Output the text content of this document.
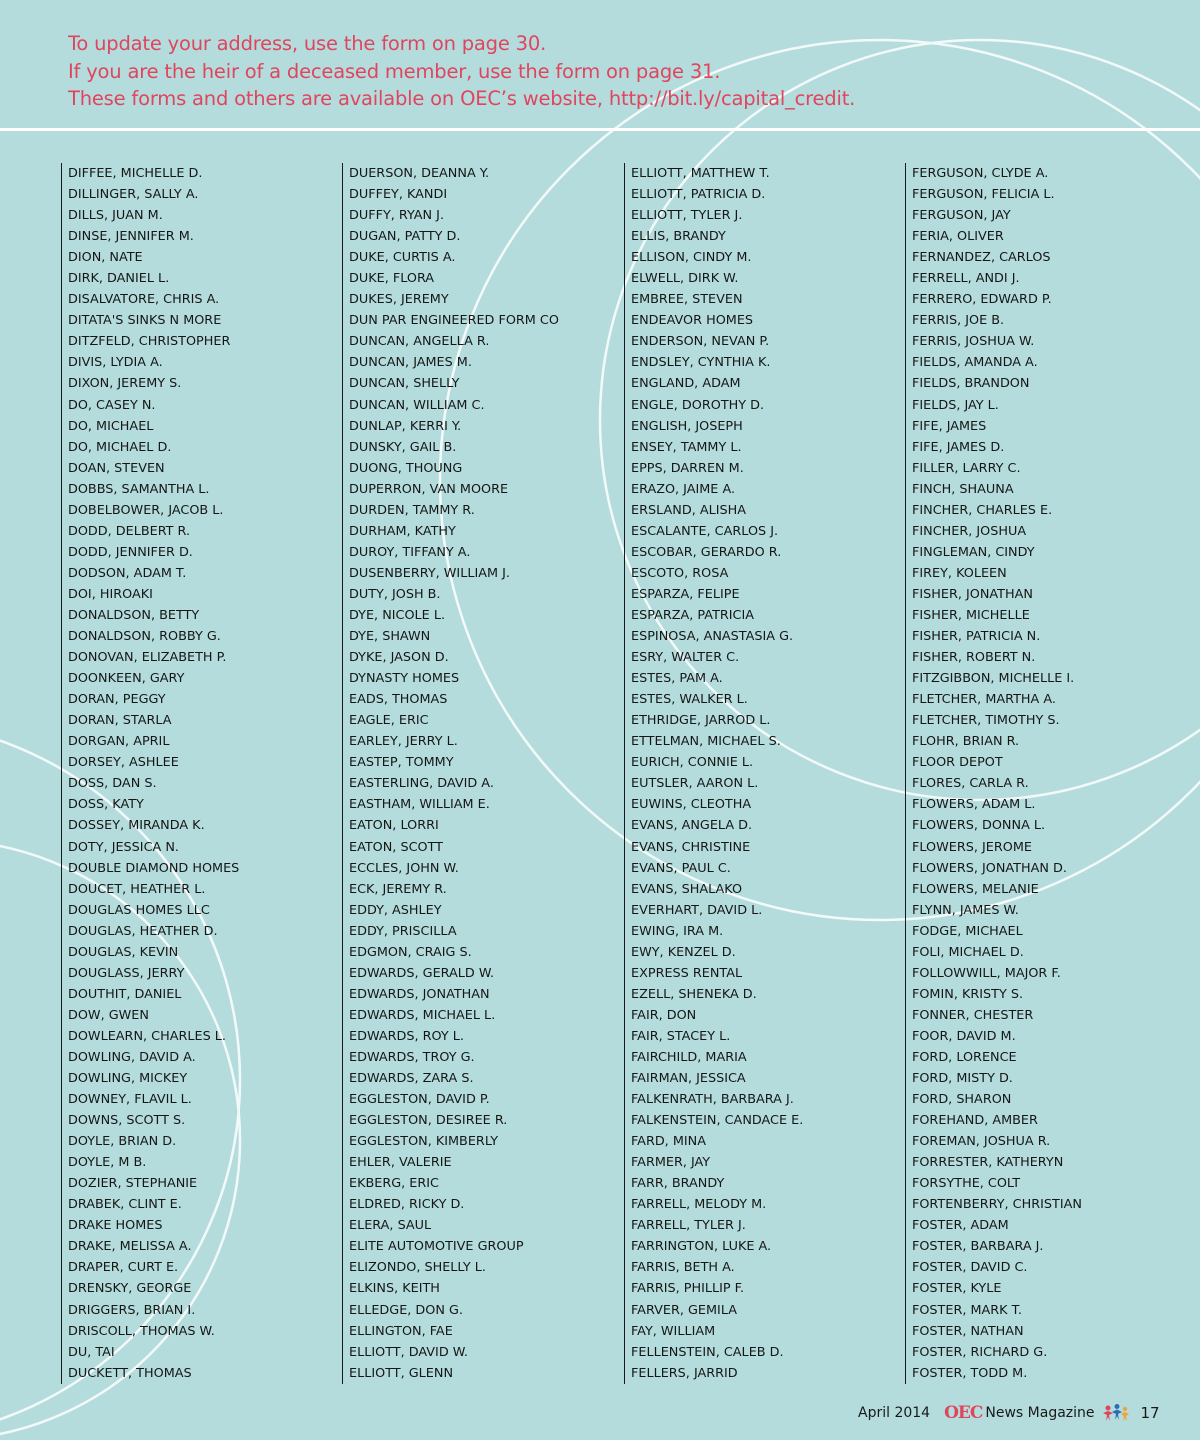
To update your address, use the form on page 30.
If you are the heir of a deceased member, use the form on page 31.
These forms and others are available on OEC’s website, http://bit.ly/capital_credit.
DIFFEE, MICHELLE D.
DILLINGER, SALLY A.
DILLS, JUAN M.
DINSE, JENNIFER M.
DION, NATE
DIRK, DANIEL L.
DISALVATORE, CHRIS A.
DITATA'S SINKS N MORE
DITZFELD, CHRISTOPHER
DIVIS, LYDIA A.
DIXON, JEREMY S.
DO, CASEY N.
DO, MICHAEL
DO, MICHAEL D.
DOAN, STEVEN
DOBBS, SAMANTHA L.
DOBELBOWER, JACOB L.
DODD, DELBERT R.
DODD, JENNIFER D.
DODSON, ADAM T.
DOI, HIROAKI
DONALDSON, BETTY
DONALDSON, ROBBY G.
DONOVAN, ELIZABETH P.
DOONKEEN, GARY
DORAN, PEGGY
DORAN, STARLA
DORGAN, APRIL
DORSEY, ASHLEE
DOSS, DAN S.
DOSS, KATY
DOSSEY, MIRANDA K.
DOTY, JESSICA N.
DOUBLE DIAMOND HOMES
DOUCET, HEATHER L.
DOUGLAS HOMES LLC
DOUGLAS, HEATHER D.
DOUGLAS, KEVIN
DOUGLASS, JERRY
DOUTHIT, DANIEL
DOW, GWEN
DOWLEARN, CHARLES L.
DOWLING, DAVID A.
DOWLING, MICKEY
DOWNEY, FLAVIL L.
DOWNS, SCOTT S.
DOYLE, BRIAN D.
DOYLE, M B.
DOZIER, STEPHANIE
DRABEK, CLINT E.
DRAKE HOMES
DRAKE, MELISSA A.
DRAPER, CURT E.
DRENSKY, GEORGE
DRIGGERS, BRIAN I.
DRISCOLL, THOMAS W.
DU, TAI
DUCKETT, THOMAS
DUERSON, DEANNA Y.
DUFFEY, KANDI
DUFFY, RYAN J.
DUGAN, PATTY D.
DUKE, CURTIS A.
DUKE, FLORA
DUKES, JEREMY
DUN PAR ENGINEERED FORM CO
DUNCAN, ANGELLA R.
DUNCAN, JAMES M.
DUNCAN, SHELLY
DUNCAN, WILLIAM C.
DUNLAP, KERRI Y.
DUNSKY, GAIL B.
DUONG, THOUNG
DUPERRON, VAN MOORE
DURDEN, TAMMY R.
DURHAM, KATHY
DUROY, TIFFANY A.
DUSENBERRY, WILLIAM J.
DUTY, JOSH B.
DYE, NICOLE L.
DYE, SHAWN
DYKE, JASON D.
DYNASTY HOMES
EADS, THOMAS
EAGLE, ERIC
EARLEY, JERRY L.
EASTEP, TOMMY
EASTERLING, DAVID A.
EASTHAM, WILLIAM E.
EATON, LORRI
EATON, SCOTT
ECCLES, JOHN W.
ECK, JEREMY R.
EDDY, ASHLEY
EDDY, PRISCILLA
EDGMON, CRAIG S.
EDWARDS, GERALD W.
EDWARDS, JONATHAN
EDWARDS, MICHAEL L.
EDWARDS, ROY L.
EDWARDS, TROY G.
EDWARDS, ZARA S.
EGGLESTON, DAVID P.
EGGLESTON, DESIREE R.
EGGLESTON, KIMBERLY
EHLER, VALERIE
EKBERG, ERIC
ELDRED, RICKY D.
ELERA, SAUL
ELITE AUTOMOTIVE GROUP
ELIZONDO, SHELLY L.
ELKINS, KEITH
ELLEDGE, DON G.
ELLINGTON, FAE
ELLIOTT, DAVID W.
ELLIOTT, GLENN
ELLIOTT, MATTHEW T.
ELLIOTT, PATRICIA D.
ELLIOTT, TYLER J.
ELLIS, BRANDY
ELLISON, CINDY M.
ELWELL, DIRK W.
EMBREE, STEVEN
ENDEAVOR HOMES
ENDERSON, NEVAN P.
ENDSLEY, CYNTHIA K.
ENGLAND, ADAM
ENGLE, DOROTHY D.
ENGLISH, JOSEPH
ENSEY, TAMMY L.
EPPS, DARREN M.
ERAZO, JAIME A.
ERSLAND, ALISHA
ESCALANTE, CARLOS J.
ESCOBAR, GERARDO R.
ESCOTO, ROSA
ESPARZA, FELIPE
ESPARZA, PATRICIA
ESPINOSA, ANASTASIA G.
ESRY, WALTER C.
ESTES, PAM A.
ESTES, WALKER L.
ETHRIDGE, JARROD L.
ETTELMAN, MICHAEL S.
EURICH, CONNIE L.
EUTSLER, AARON L.
EUWINS, CLEOTHA
EVANS, ANGELA D.
EVANS, CHRISTINE
EVANS, PAUL C.
EVANS, SHALAKO
EVERHART, DAVID L.
EWING, IRA M.
EWY, KENZEL D.
EXPRESS RENTAL
EZELL, SHENEKA D.
FAIR, DON
FAIR, STACEY L.
FAIRCHILD, MARIA
FAIRMAN, JESSICA
FALKENRATH, BARBARA J.
FALKENSTEIN, CANDACE E.
FARD, MINA
FARMER, JAY
FARR, BRANDY
FARRELL, MELODY M.
FARRELL, TYLER J.
FARRINGTON, LUKE A.
FARRIS, BETH A.
FARRIS, PHILLIP F.
FARVER, GEMILA
FAY, WILLIAM
FELLENSTEIN, CALEB D.
FELLERS, JARRID
FERGUSON, CLYDE A.
FERGUSON, FELICIA L.
FERGUSON, JAY
FERIA, OLIVER
FERNANDEZ, CARLOS
FERRELL, ANDI J.
FERRERO, EDWARD P.
FERRIS, JOE B.
FERRIS, JOSHUA W.
FIELDS, AMANDA A.
FIELDS, BRANDON
FIELDS, JAY L.
FIFE, JAMES
FIFE, JAMES D.
FILLER, LARRY C.
FINCH, SHAUNA
FINCHER, CHARLES E.
FINCHER, JOSHUA
FINGLEMAN, CINDY
FIREY, KOLEEN
FISHER, JONATHAN
FISHER, MICHELLE
FISHER, PATRICIA N.
FISHER, ROBERT N.
FITZGIBBON, MICHELLE I.
FLETCHER, MARTHA A.
FLETCHER, TIMOTHY S.
FLOHR, BRIAN R.
FLOOR DEPOT
FLORES, CARLA R.
FLOWERS, ADAM L.
FLOWERS, DONNA L.
FLOWERS, JEROME
FLOWERS, JONATHAN D.
FLOWERS, MELANIE
FLYNN, JAMES W.
FODGE, MICHAEL
FOLI, MICHAEL D.
FOLLOWWILL, MAJOR F.
FOMIN, KRISTY S.
FONNER, CHESTER
FOOR, DAVID M.
FORD, LORENCE
FORD, MISTY D.
FORD, SHARON
FOREHAND, AMBER
FOREMAN, JOSHUA R.
FORRESTER, KATHERYN
FORSYTHE, COLT
FORTENBERRY, CHRISTIAN
FOSTER, ADAM
FOSTER, BARBARA J.
FOSTER, DAVID C.
FOSTER, KYLE
FOSTER, MARK T.
FOSTER, NATHAN
FOSTER, RICHARD G.
FOSTER, TODD M.
April 2014 OEC News Magazine	17
